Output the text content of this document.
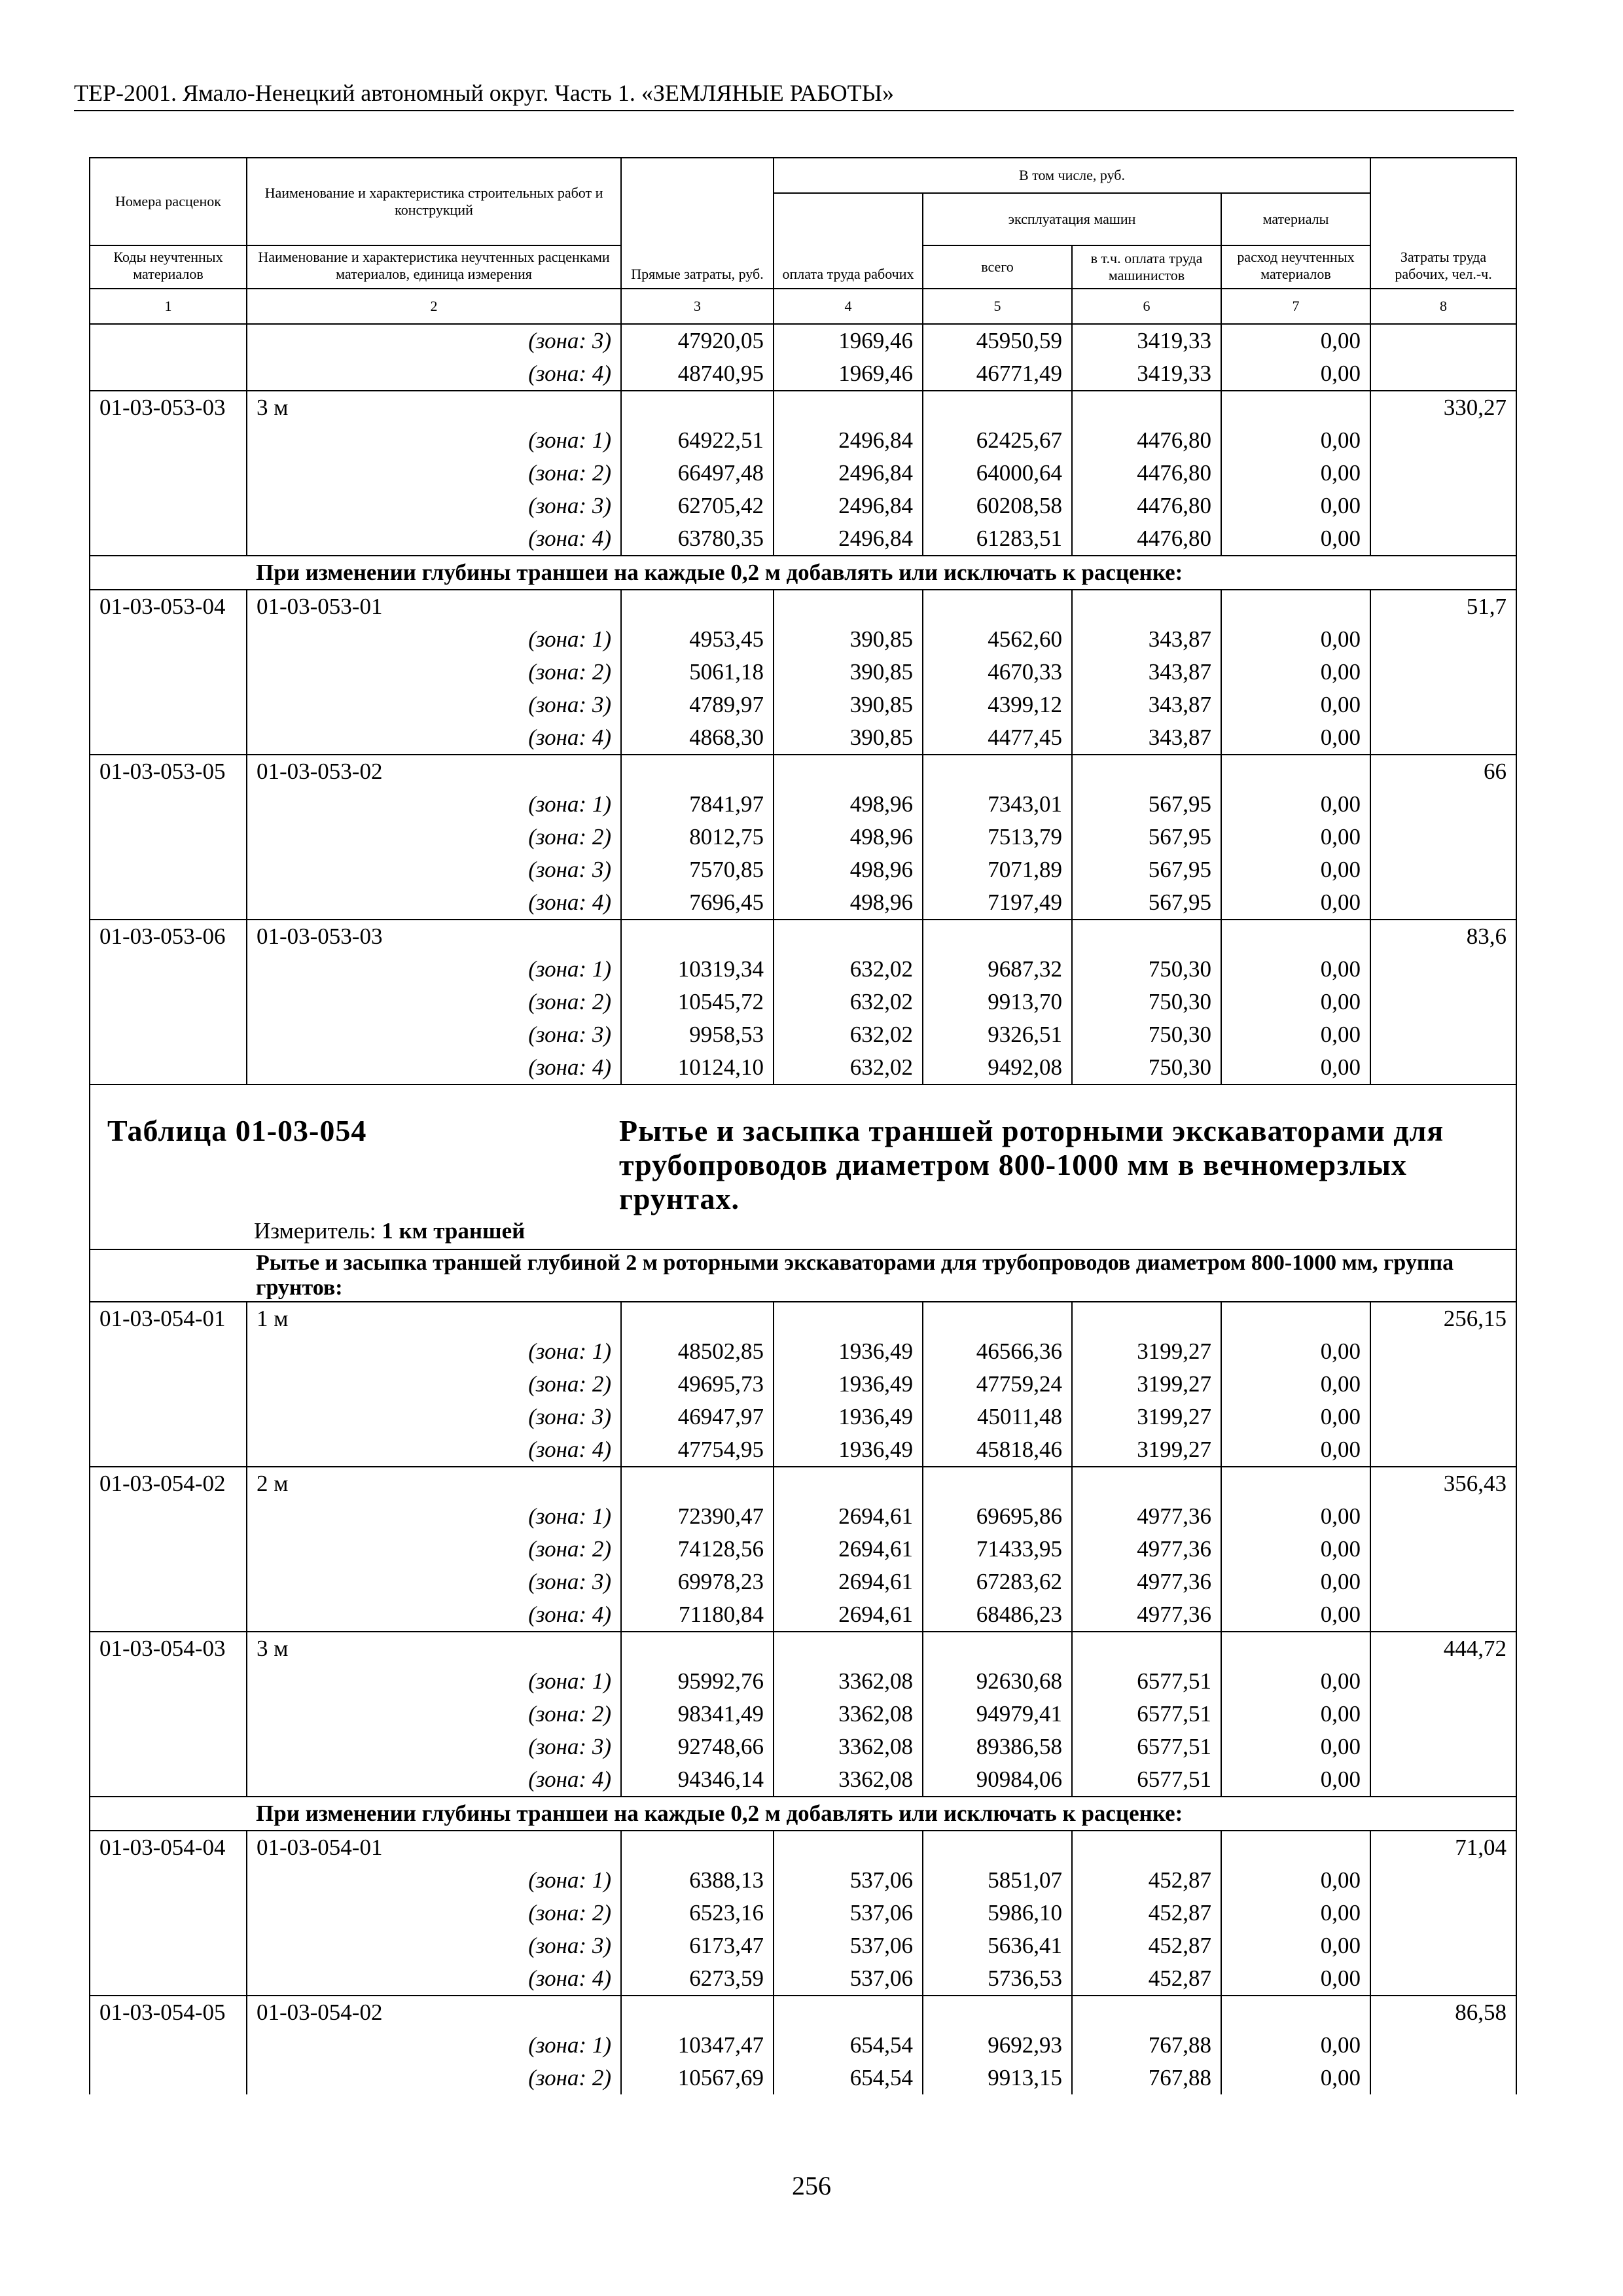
ТЕР-2001. Ямало-Ненецкий автономный округ. Часть 1. «ЗЕМЛЯНЫЕ РАБОТЫ»
Номера расценок	Наименование и характеристика строительных работ и конструкций	Прямые затраты, руб.	В том числе, руб.				Затраты труда рабочих, чел.-ч.
			оплата труда рабочих	эксплуатация машин		материалы	
Коды неучтенных материалов	Наименование и характеристика неучтенных расценками материалов, единица измерения			всего	в т.ч. оплата труда машинистов	расход неучтенных материалов	

1	2	3	4	5	6	7	8
	(зона: 3)	47920,05	1969,46	45950,59	3419,33	0,00	
	(зона: 4)	48740,95	1969,46	46771,49	3419,33	0,00	
01-03-053-03	3 м						330,27
	(зона: 1)	64922,51	2496,84	62425,67	4476,80	0,00	
	(зона: 2)	66497,48	2496,84	64000,64	4476,80	0,00	
	(зона: 3)	62705,42	2496,84	60208,58	4476,80	0,00	
	(зона: 4)	63780,35	2496,84	61283,51	4476,80	0,00	
	При изменении глубины траншеи на каждые 0,2 м добавлять или исключать к расценке:						
01-03-053-04	01-03-053-01						51,7
	(зона: 1)	4953,45	390,85	4562,60	343,87	0,00	
	(зона: 2)	5061,18	390,85	4670,33	343,87	0,00	
	(зона: 3)	4789,97	390,85	4399,12	343,87	0,00	
	(зона: 4)	4868,30	390,85	4477,45	343,87	0,00	
01-03-053-05	01-03-053-02						66
	(зона: 1)	7841,97	498,96	7343,01	567,95	0,00	
	(зона: 2)	8012,75	498,96	7513,79	567,95	0,00	
	(зона: 3)	7570,85	498,96	7071,89	567,95	0,00	
	(зона: 4)	7696,45	498,96	7197,49	567,95	0,00	
01-03-053-06	01-03-053-03						83,6
	(зона: 1)	10319,34	632,02	9687,32	750,30	0,00	
	(зона: 2)	10545,72	632,02	9913,70	750,30	0,00	
	(зона: 3)	9958,53	632,02	9326,51	750,30	0,00	
	(зона: 4)	10124,10	632,02	9492,08	750,30	0,00	

Таблица 01-03-054 Рытье и засыпка траншей роторными экскаваторами для трубопроводов диаметром 800-1000 мм в вечномерзлых грунтах.
Измеритель: 1 км траншей							

	Рытье и засыпка траншей глубиной 2 м роторными экскаваторами для трубопроводов диаметром 800-1000 мм, группа грунтов:						
01-03-054-01	1 м						256,15
	(зона: 1)	48502,85	1936,49	46566,36	3199,27	0,00	
	(зона: 2)	49695,73	1936,49	47759,24	3199,27	0,00	
	(зона: 3)	46947,97	1936,49	45011,48	3199,27	0,00	
	(зона: 4)	47754,95	1936,49	45818,46	3199,27	0,00	
01-03-054-02	2 м						356,43
	(зона: 1)	72390,47	2694,61	69695,86	4977,36	0,00	
	(зона: 2)	74128,56	2694,61	71433,95	4977,36	0,00	
	(зона: 3)	69978,23	2694,61	67283,62	4977,36	0,00	
	(зона: 4)	71180,84	2694,61	68486,23	4977,36	0,00	
01-03-054-03	3 м						444,72
	(зона: 1)	95992,76	3362,08	92630,68	6577,51	0,00	
	(зона: 2)	98341,49	3362,08	94979,41	6577,51	0,00	
	(зона: 3)	92748,66	3362,08	89386,58	6577,51	0,00	
	(зона: 4)	94346,14	3362,08	90984,06	6577,51	0,00	
	При изменении глубины траншеи на каждые 0,2 м добавлять или исключать к расценке:						
01-03-054-04	01-03-054-01						71,04
	(зона: 1)	6388,13	537,06	5851,07	452,87	0,00	
	(зона: 2)	6523,16	537,06	5986,10	452,87	0,00	
	(зона: 3)	6173,47	537,06	5636,41	452,87	0,00	
	(зона: 4)	6273,59	537,06	5736,53	452,87	0,00	
01-03-054-05	01-03-054-02						86,58
	(зона: 1)	10347,47	654,54	9692,93	767,88	0,00	
	(зона: 2)	10567,69	654,54	9913,15	767,88	0,00	
256
